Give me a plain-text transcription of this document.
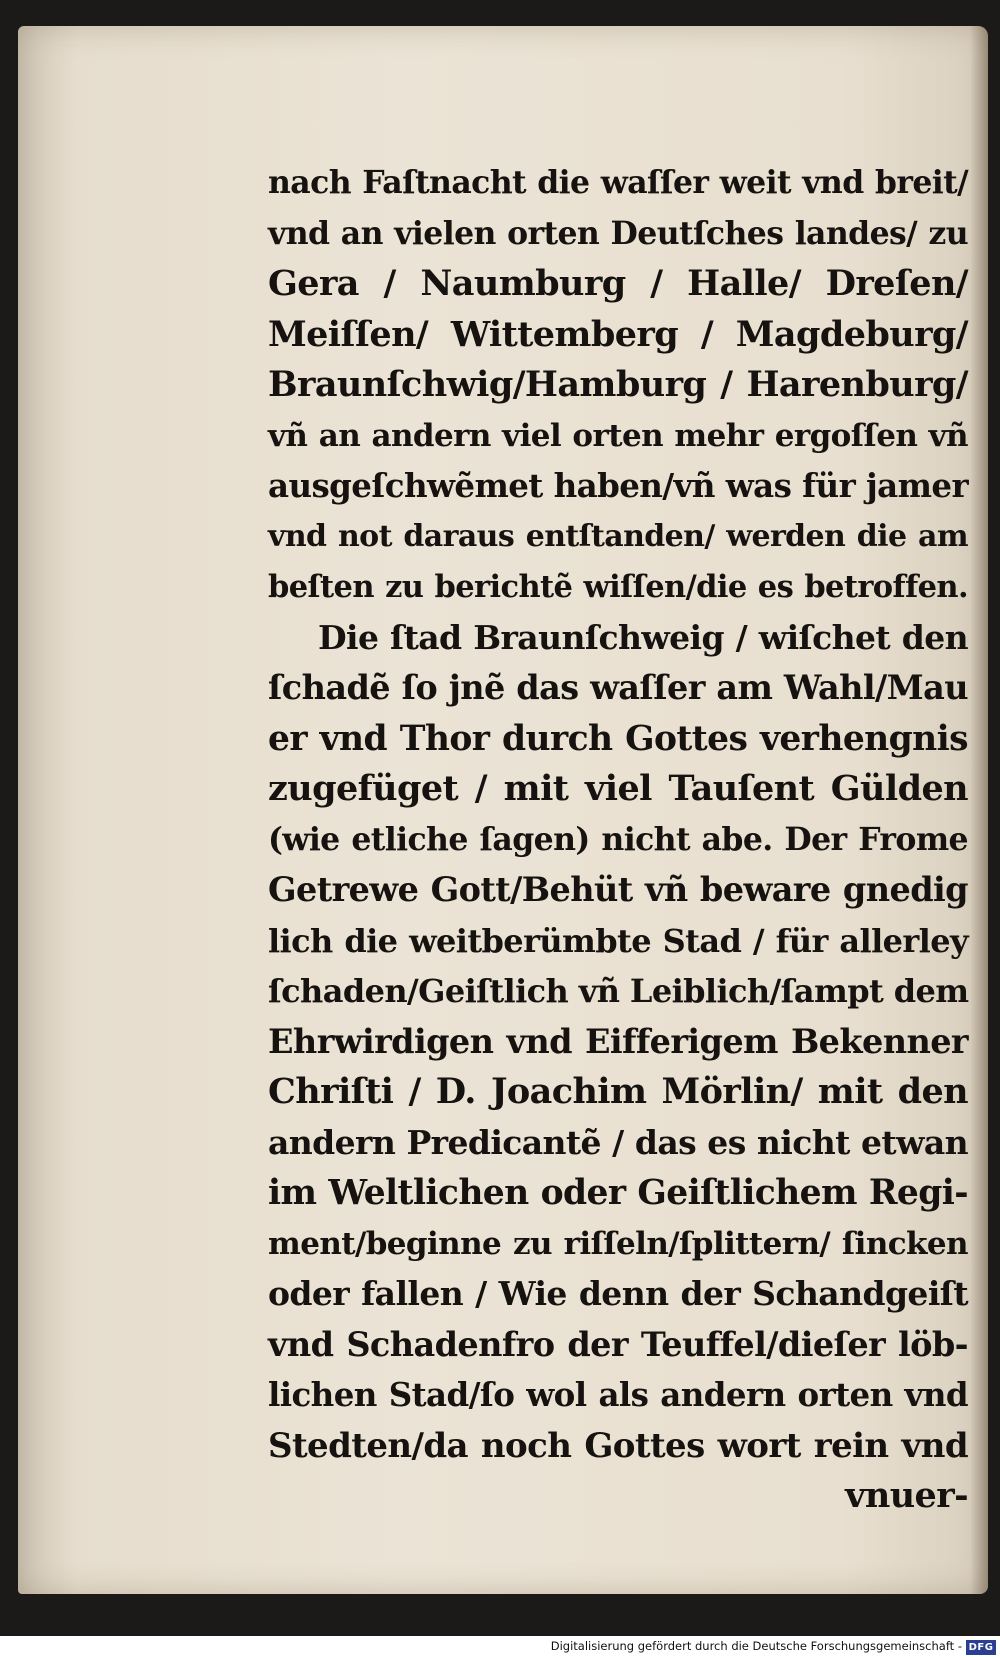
nach Faſtnacht die waſſer weit vnd breit/
vnd an vielen orten Deutſches landes/ zu
Gera / Naumburg / Halle/ Dreſen/
Meiſſen/ Wittemberg / Magdeburg/
Braunſchwig/Hamburg / Harenburg/
vñ an andern viel orten mehr ergoſſen vñ
ausgeſchwẽmet haben/vñ was für jamer
vnd not daraus entſtanden/ werden die am
beſten zu berichtẽ wiſſen/die es betroffen.
Die ſtad Braunſchweig / wiſchet den
ſchadẽ ſo jnẽ das waſſer am Wahl/Mau
er vnd Thor durch Gottes verhengnis
zugefüget / mit viel Tauſent Gülden
(wie etliche ſagen) nicht abe. Der Frome
Getrewe Gott/Behüt vñ beware gnedig
lich die weitberümbte Stad / für allerley
ſchaden/Geiſtlich vñ Leiblich/ſampt dem
Ehrwirdigen vnd Eifferigem Bekenner
Chriſti / D. Joachim Mörlin/ mit den
andern Predicantẽ / das es nicht etwan
im Weltlichen oder Geiſtlichem Regi-
ment/beginne zu riſſeln/ſplittern/ ſincken
oder fallen / Wie denn der Schandgeiſt
vnd Schadenfro der Teuffel/dieſer löb-
lichen Stad/ſo wol als andern orten vnd
Stedten/da noch Gottes wort rein vnd
vnuer-
Digitalisierung gefördert durch die Deutsche Forschungsgemeinschaft - DFG
